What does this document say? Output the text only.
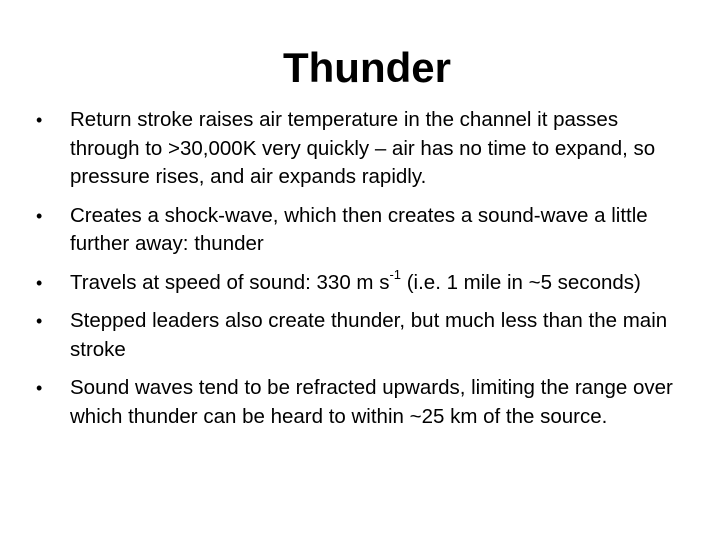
Thunder
•	Return stroke raises air temperature in the channel it passes through to >30,000K very quickly – air has no time to expand, so pressure rises, and air expands rapidly.
•	Creates a shock-wave, which then creates a sound-wave a little further away: thunder
•	Travels at speed of sound: 330 m $s^{-1}$ (i.e. 1 mile in ~5 seconds)
•	Stepped leaders also create thunder, but much less than the main stroke
•	Sound waves tend to be refracted upwards, limiting the range over which thunder can be heard to within ~25 km of the source.
